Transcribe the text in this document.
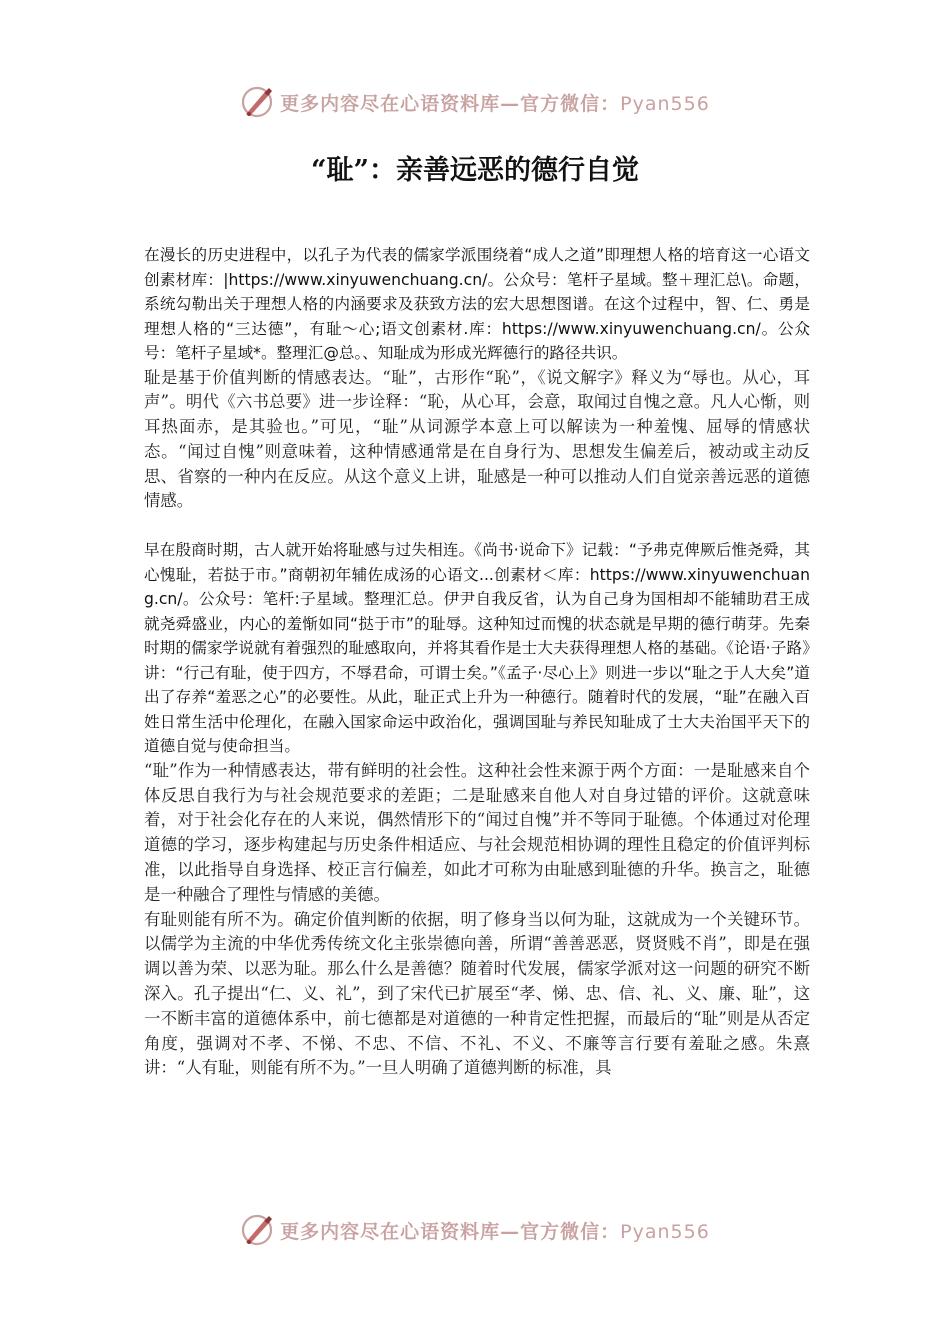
更多内容尽在心语资料库—官方微信：Pyan556
“耻”：亲善远恶的德行自觉

在漫长的历史进程中，以孔子为代表的儒家学派围绕着“成人之道”即理想人格的培育这一心语文创素材库：|https://www.xinyuwenchuang.cn/。公众号：笔杆子星域。整＋理汇总\。命题，系统勾勒出关于理想人格的内涵要求及获致方法的宏大思想图谱。在这个过程中，智、仁、勇是理想人格的“三达德”，有耻～心;语文创素材.库：https://www.xinyuwenchuang.cn/。公众号：笔杆子星域*。整理汇@总。、知耻成为形成光辉德行的路径共识。

耻是基于价值判断的情感表达。“耻”，古形作“恥”，《说文解字》释义为“辱也。从心，耳声”。明代《六书总要》进一步诠释：“恥，从心耳，会意，取闻过自愧之意。凡人心惭，则耳热面赤，是其验也。”可见，“耻”从词源学本意上可以解读为一种羞愧、屈辱的情感状态。“闻过自愧”则意味着，这种情感通常是在自身行为、思想发生偏差后，被动或主动反思、省察的一种内在反应。从这个意义上讲，耻感是一种可以推动人们自觉亲善远恶的道德情感。

早在殷商时期，古人就开始将耻感与过失相连。《尚书·说命下》记载：“予弗克俾厥后惟尧舜，其心愧耻，若挞于市。”商朝初年辅佐成汤的心语文...创素材＜库：https://www.xinyuwenchuang.cn/。公众号：笔杆:子星域。整理汇总。伊尹自我反省，认为自己身为国相却不能辅助君王成就尧舜盛业，内心的羞惭如同“挞于市”的耻辱。这种知过而愧的状态就是早期的德行萌芽。先秦时期的儒家学说就有着强烈的耻感取向，并将其看作是士大夫获得理想人格的基础。《论语·子路》讲：“行己有耻，使于四方，不辱君命，可谓士矣。”《孟子·尽心上》则进一步以“耻之于人大矣”道出了存养“羞恶之心”的必要性。从此，耻正式上升为一种德行。随着时代的发展，“耻”在融入百姓日常生活中伦理化，在融入国家命运中政治化，强调国耻与养民知耻成了士大夫治国平天下的道德自觉与使命担当。

“耻”作为一种情感表达，带有鲜明的社会性。这种社会性来源于两个方面：一是耻感来自个体反思自我行为与社会规范要求的差距；二是耻感来自他人对自身过错的评价。这就意味着，对于社会化存在的人来说，偶然情形下的“闻过自愧”并不等同于耻德。个体通过对伦理道德的学习，逐步构建起与历史条件相适应、与社会规范相协调的理性且稳定的价值评判标准，以此指导自身选择、校正言行偏差，如此才可称为由耻感到耻德的升华。换言之，耻德是一种融合了理性与情感的美德。

有耻则能有所不为。确定价值判断的依据，明了修身当以何为耻，这就成为一个关键环节。以儒学为主流的中华优秀传统文化主张崇德向善，所谓“善善恶恶，贤贤贱不肖”，即是在强调以善为荣、以恶为耻。那么什么是善德？随着时代发展，儒家学派对这一问题的研究不断深入。孔子提出“仁、义、礼”，到了宋代已扩展至“孝、悌、忠、信、礼、义、廉、耻”，这一不断丰富的道德体系中，前七德都是对道德的一种肯定性把握，而最后的“耻”则是从否定角度，强调对不孝、不悌、不忠、不信、不礼、不义、不廉等言行要有羞耻之感。朱熹讲：“人有耻，则能有所不为。”一旦人明确了道德判断的标准，具

更多内容尽在心语资料库—官方微信：Pyan556
